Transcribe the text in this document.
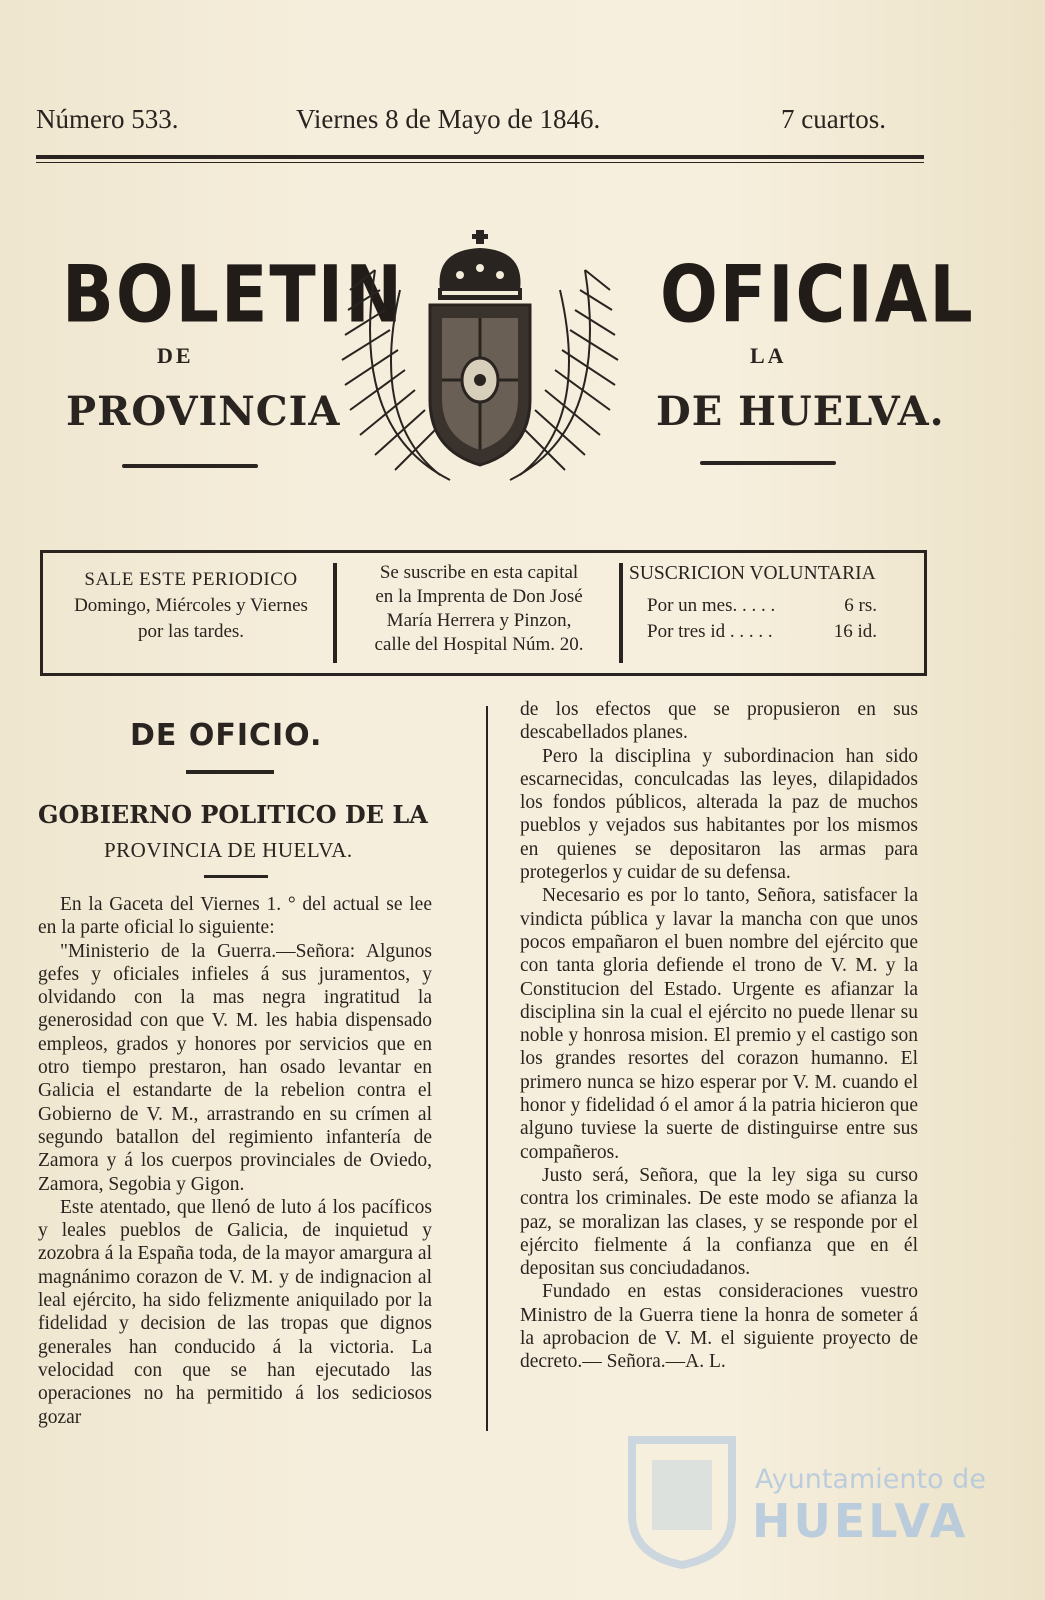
Número 533.	Viernes 8 de Mayo de 1846.	7 cuartos.
BOLETIN	OFICIAL
DE	LA
PROVINCIA	DE HUELVA.
SALE ESTE PERIODICO
Domingo, Miércoles y Viernes
por las tardes.
Se suscribe en esta capital
en la Imprenta de Don José
María Herrera y Pinzon,
calle del Hospital Núm. 20.
SUSCRICION VOLUNTARIA
Por un mes. . . . .	6 rs.
Por tres id . . . . .	16 id.
DE OFICIO.
GOBIERNO POLITICO DE LA
PROVINCIA DE HUELVA.

En la Gaceta del Viernes 1. ° del actual se lee en la parte oficial lo siguiente:

"Ministerio de la Guerra.—Señora: Algunos gefes y oficiales infieles á sus juramentos, y olvidando con la mas negra ingratitud la generosidad con que V. M. les habia dispensado empleos, grados y honores por servicios que en otro tiempo prestaron, han osado levantar en Galicia el estandarte de la rebelion contra el Gobierno de V. M., arrastrando en su crímen al segundo batallon del regimiento infantería de Zamora y á los cuerpos provinciales de Oviedo, Zamora, Segobia y Gigon.

Este atentado, que llenó de luto á los pacíficos y leales pueblos de Galicia, de inquietud y zozobra á la España toda, de la mayor amargura al magnánimo corazon de V. M. y de indignacion al leal ejército, ha sido felizmente aniquilado por la fidelidad y decision de las tropas que dignos generales han conducido á la victoria. La velocidad con que se han ejecutado las operaciones no ha permitido á los sediciosos gozar

de los efectos que se propusieron en sus descabellados planes.

Pero la disciplina y subordinacion han sido escarnecidas, conculcadas las leyes, dilapidados los fondos públicos, alterada la paz de muchos pueblos y vejados sus habitantes por los mismos en quienes se depositaron las armas para protegerlos y cuidar de su defensa.

Necesario es por lo tanto, Señora, satisfacer la vindicta pública y lavar la mancha con que unos pocos empañaron el buen nombre del ejército que con tanta gloria defiende el trono de V. M. y la Constitucion del Estado. Urgente es afianzar la disciplina sin la cual el ejército no puede llenar su noble y honrosa mision. El premio y el castigo son los grandes resortes del corazon humanno. El primero nunca se hizo esperar por V. M. cuando el honor y fidelidad ó el amor á la patria hicieron que alguno tuviese la suerte de distinguirse entre sus compañeros.

Justo será, Señora, que la ley siga su curso contra los criminales. De este modo se afianza la paz, se moralizan las clases, y se responde por el ejército fielmente á la confianza que en él depositan sus conciudadanos.

Fundado en estas consideraciones vuestro Ministro de la Guerra tiene la honra de someter á la aprobacion de V. M. el siguiente proyecto de decreto.— Señora.—A. L.

Ayuntamiento de
HUELVA
